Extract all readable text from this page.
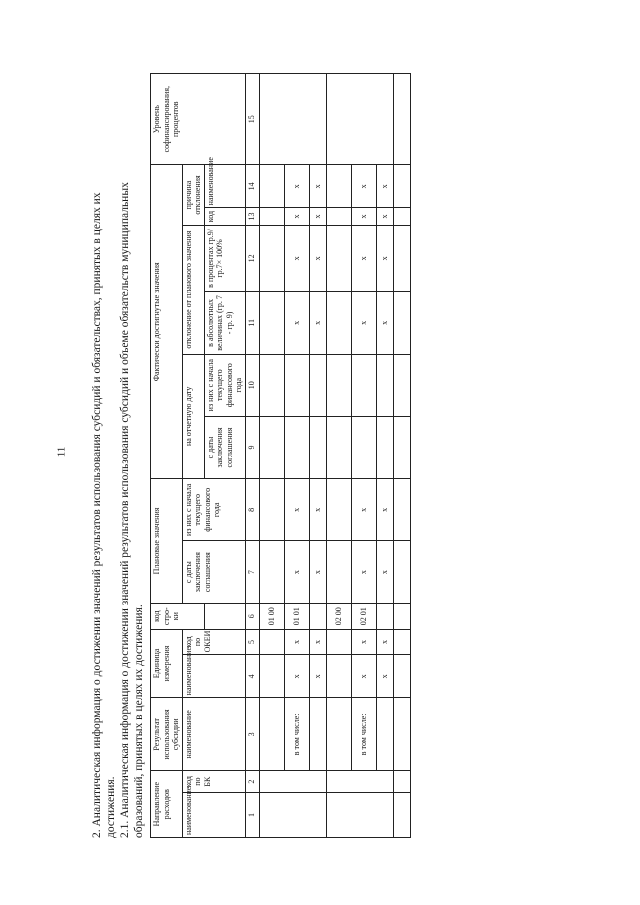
11 2. Аналитическая информация о достижении значений результатов использования субсидий и обязательствах, принятых в целях их достижения. 2.1. Аналитическая информация о достижении значений результатов использования субсидий и объеме обязательств муниципальных образований, принятых в целях их достижения. Направление расходов		Результат использования субсидии	Единица измерения		код стро-ки	Плановые значения		Фактически достигнутые значения						Уровень софинансирования, процентов
наименование	код по БК	наименование	наименование	код по ОКЕИ		с даты заключения соглашения	из них с начала текущего финансового года	на отчетную дату		отклонение от планового значения		причина отклонения		
								с даты заключения соглашения	из них с начала текущего финансового года	в абсолютных величинах (гр. 7 - гр. 9)	в процентах гр.9/гр.7× 100%	код	наименование	

1	2	3	4	5	6	7	8	9	10	11	12	13	14	15
					01 00									
		в том числе:	x	x	01 01	x	x			x	x	x	x	
			x	x		x	x			x	x	x	x	
					02 00									
		в том числе:	x	x	02 01	x	x			x	x	x	x	
			x	x		x	x			x	x	x	x	
